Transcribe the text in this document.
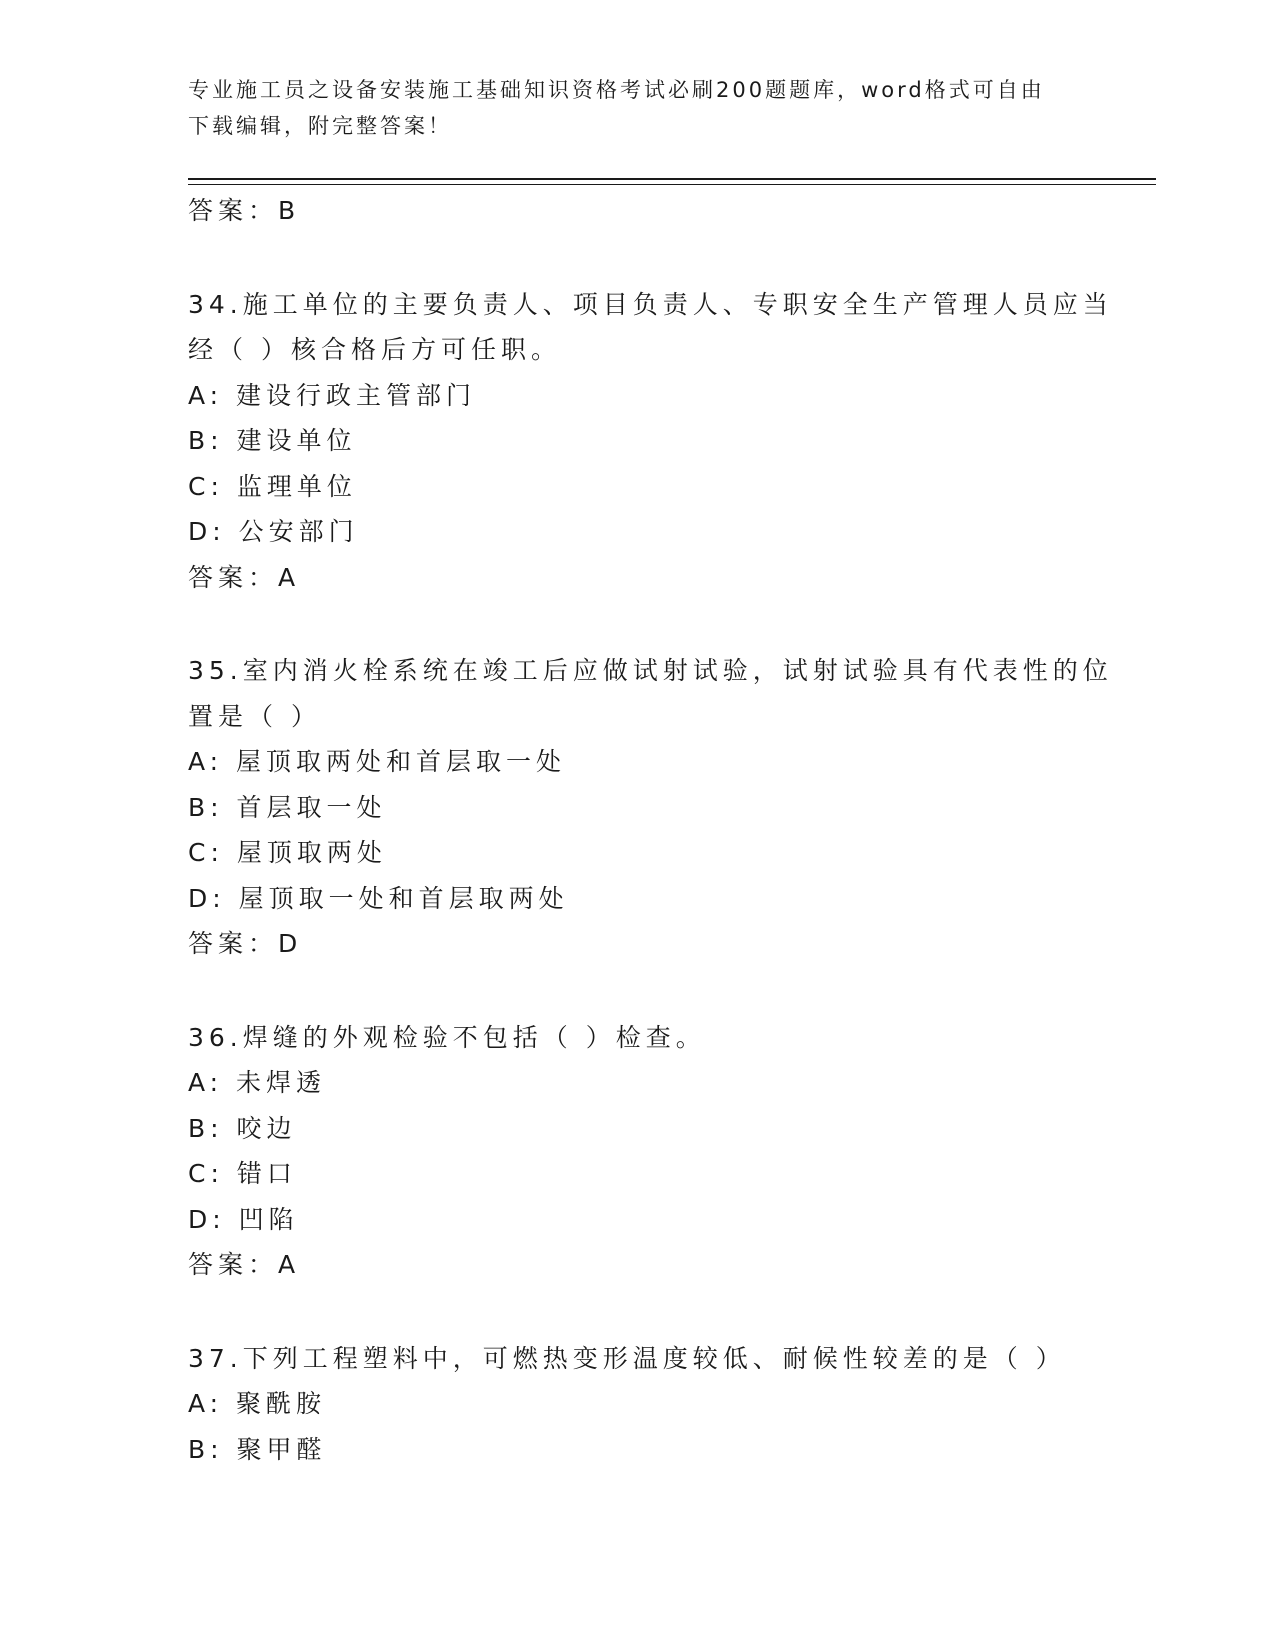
专业施工员之设备安装施工基础知识资格考试必刷200题题库，word格式可自由
下载编辑，附完整答案！
答案：B
34.施工单位的主要负责人、项目负责人、专职安全生产管理人员应当
经（ ）核合格后方可任职。
A: 建设行政主管部门
B: 建设单位
C: 监理单位
D: 公安部门
答案：A
35.室内消火栓系统在竣工后应做试射试验，试射试验具有代表性的位
置是（ ）
A: 屋顶取两处和首层取一处
B: 首层取一处
C: 屋顶取两处
D: 屋顶取一处和首层取两处
答案：D
36.焊缝的外观检验不包括（ ）检查。
A: 未焊透
B: 咬边
C: 错口
D: 凹陷
答案：A
37.下列工程塑料中，可燃热变形温度较低、耐候性较差的是（ ）
A: 聚酰胺
B: 聚甲醛
